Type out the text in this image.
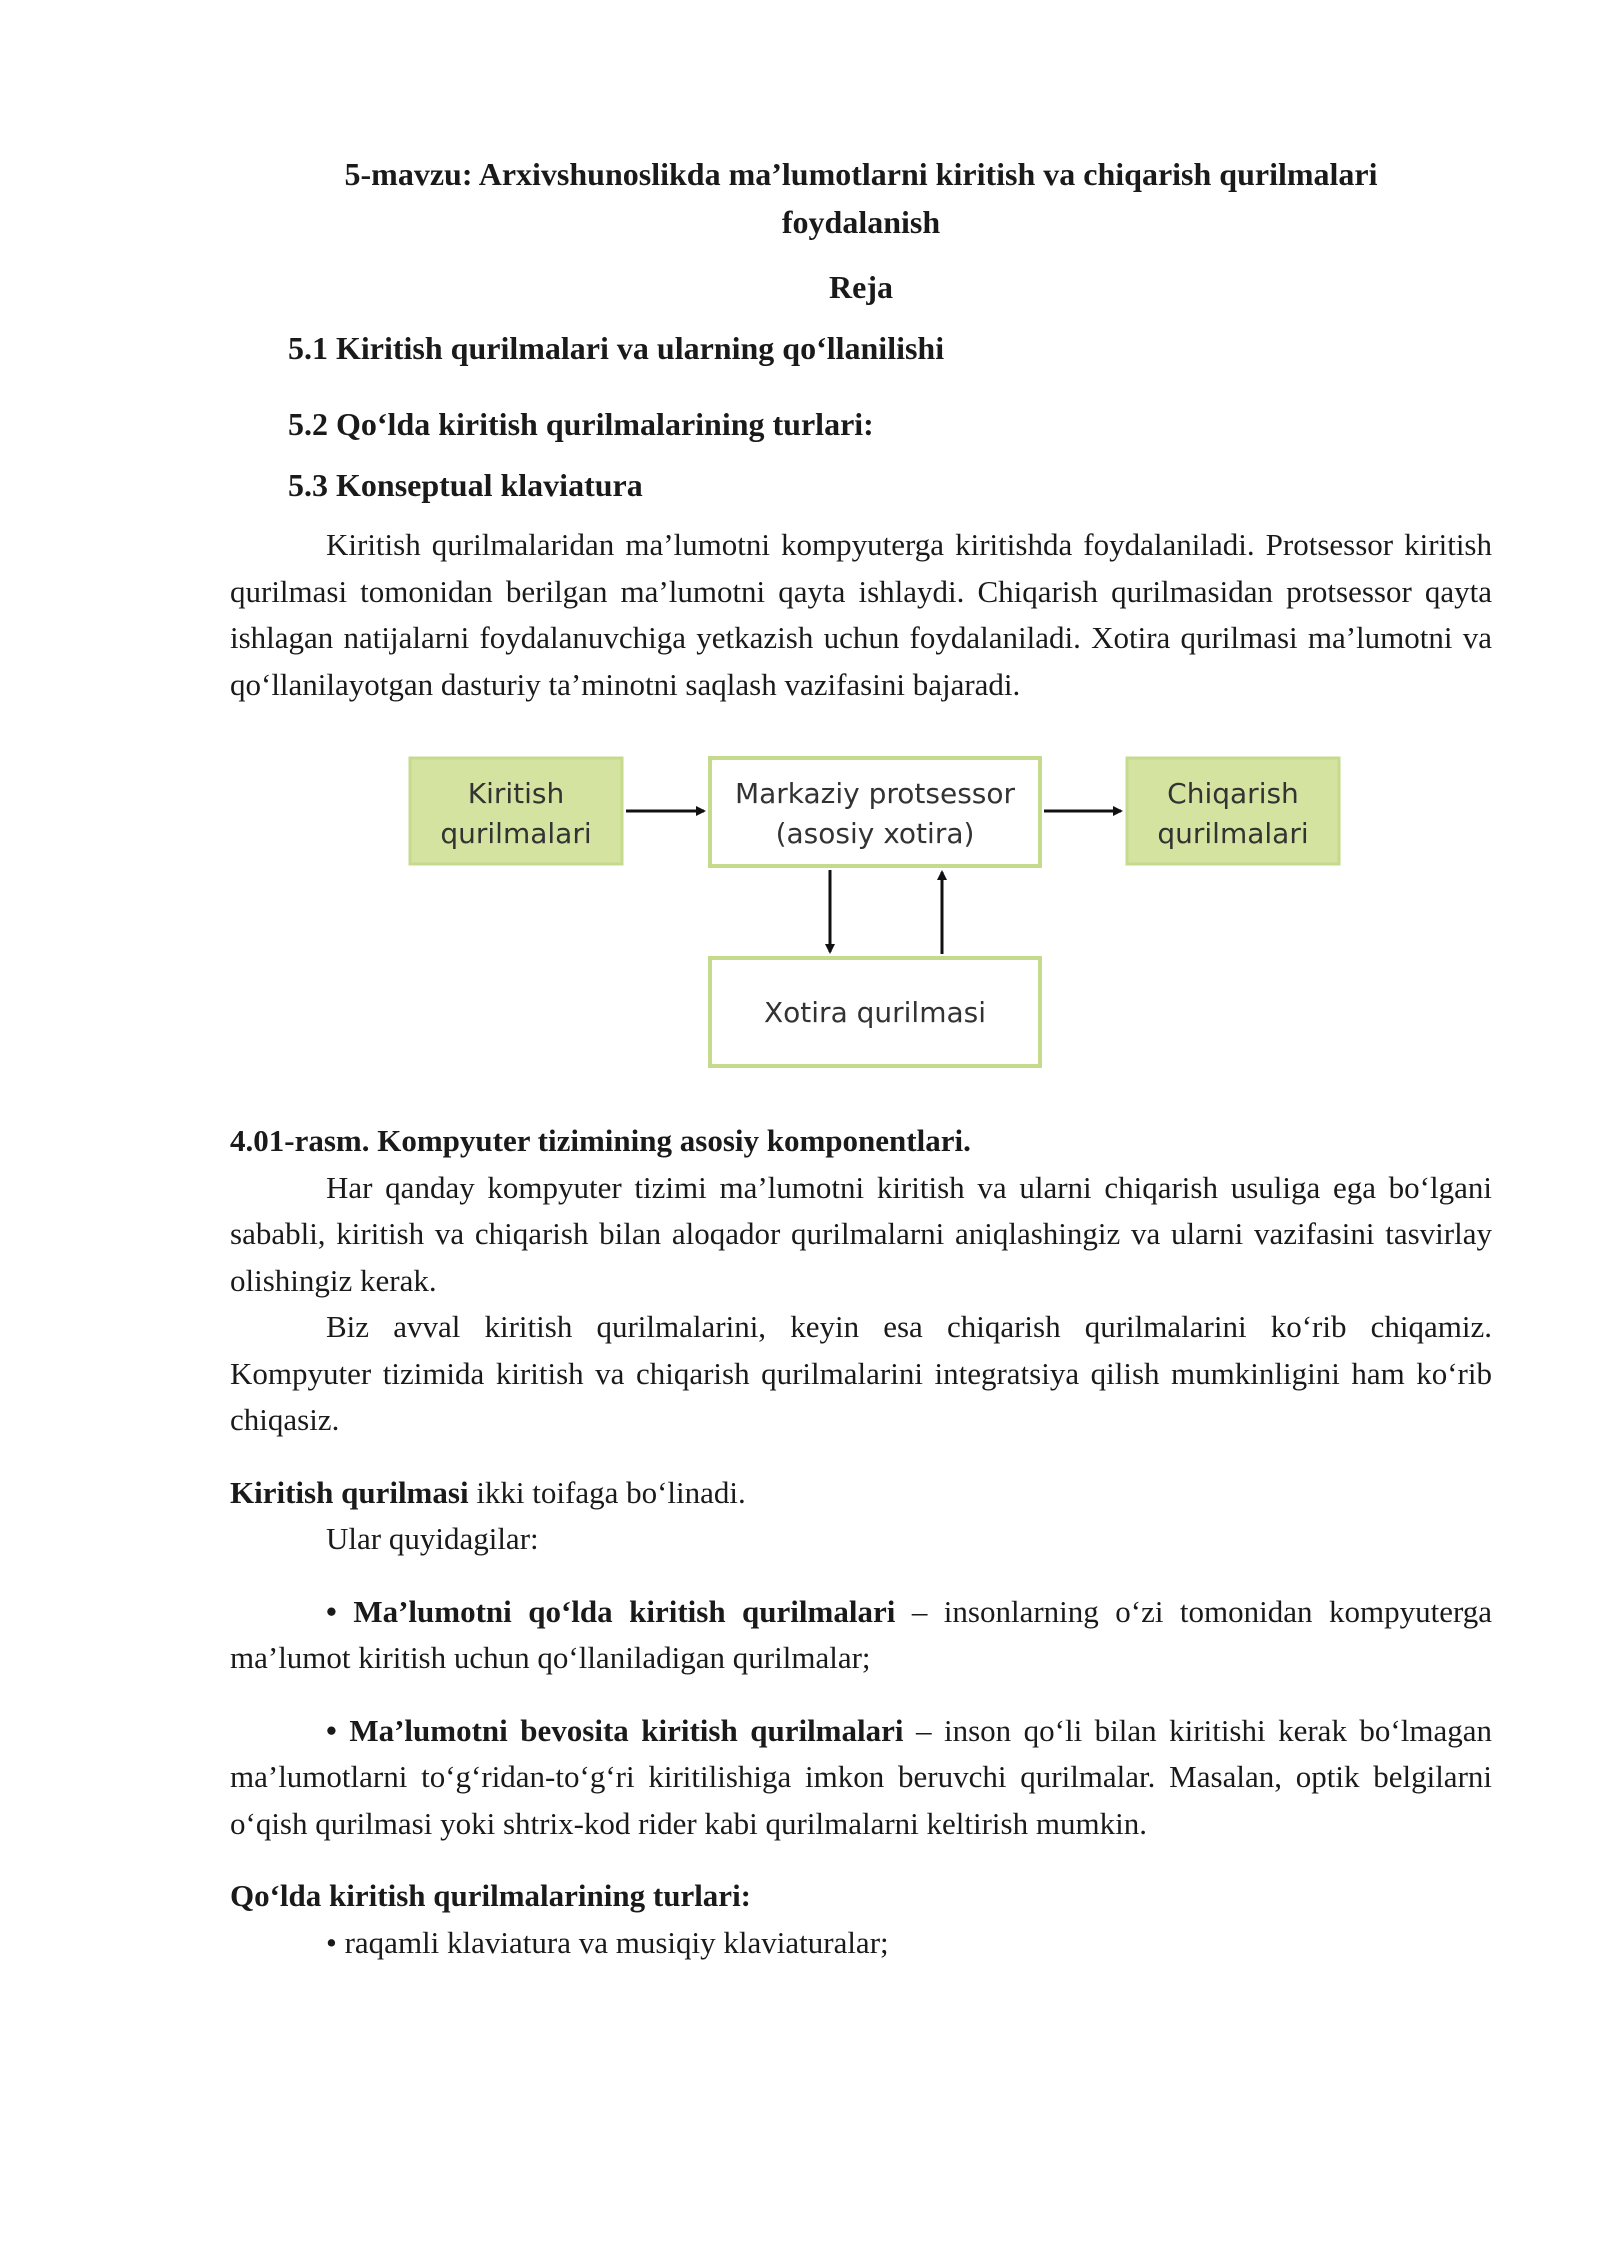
5-mavzu: Arxivshunoslikda ma’lumotlarni kiritish va chiqarish qurilmalari
foydalanish

Reja

5.1 Kiritish qurilmalari va ularning qo‘llanilishi

5.2 Qo‘lda kiritish qurilmalarining turlari:

5.3 Konseptual klaviatura

Kiritish qurilmalaridan ma’lumotni kompyuterga kiritishda foydalaniladi. Protsessor kiritish qurilmasi tomonidan berilgan ma’lumotni qayta ishlaydi. Chiqarish qurilmasidan protsessor qayta ishlagan natijalarni foydalanuvchiga yetkazish uchun foydalaniladi. Xotira qurilmasi ma’lumotni va qo‘llanilayotgan dasturiy ta’minotni saqlash vazifasini bajaradi.

Kiritish
qurilmalari
Markaziy protsessor
(asosiy xotira)
Chiqarish
qurilmalari
Xotira qurilmasi

4.01-rasm. Kompyuter tizimining asosiy komponentlari.

Har qanday kompyuter tizimi ma’lumotni kiritish va ularni chiqarish usuliga ega bo‘lgani sababli, kiritish va chiqarish bilan aloqador qurilmalarni aniqlashingiz va ularni vazifasini tasvirlay olishingiz kerak.

Biz avval kiritish qurilmalarini, keyin esa chiqarish qurilmalarini ko‘rib chiqamiz. Kompyuter tizimida kiritish va chiqarish qurilmalarini integratsiya qilish mumkinligini ham ko‘rib chiqasiz.

Kiritish qurilmasi ikki toifaga bo‘linadi.

Ular quyidagilar:

• Ma’lumotni qo‘lda kiritish qurilmalari – insonlarning o‘zi tomonidan kompyuterga ma’lumot kiritish uchun qo‘llaniladigan qurilmalar;

• Ma’lumotni bevosita kiritish qurilmalari – inson qo‘li bilan kiritishi kerak bo‘lmagan ma’lumotlarni to‘g‘ridan-to‘g‘ri kiritilishiga imkon beruvchi qurilmalar. Masalan, optik belgilarni o‘qish qurilmasi yoki shtrix-kod rider kabi qurilmalarni keltirish mumkin.

Qo‘lda kiritish qurilmalarining turlari:

• raqamli klaviatura va musiqiy klaviaturalar;
